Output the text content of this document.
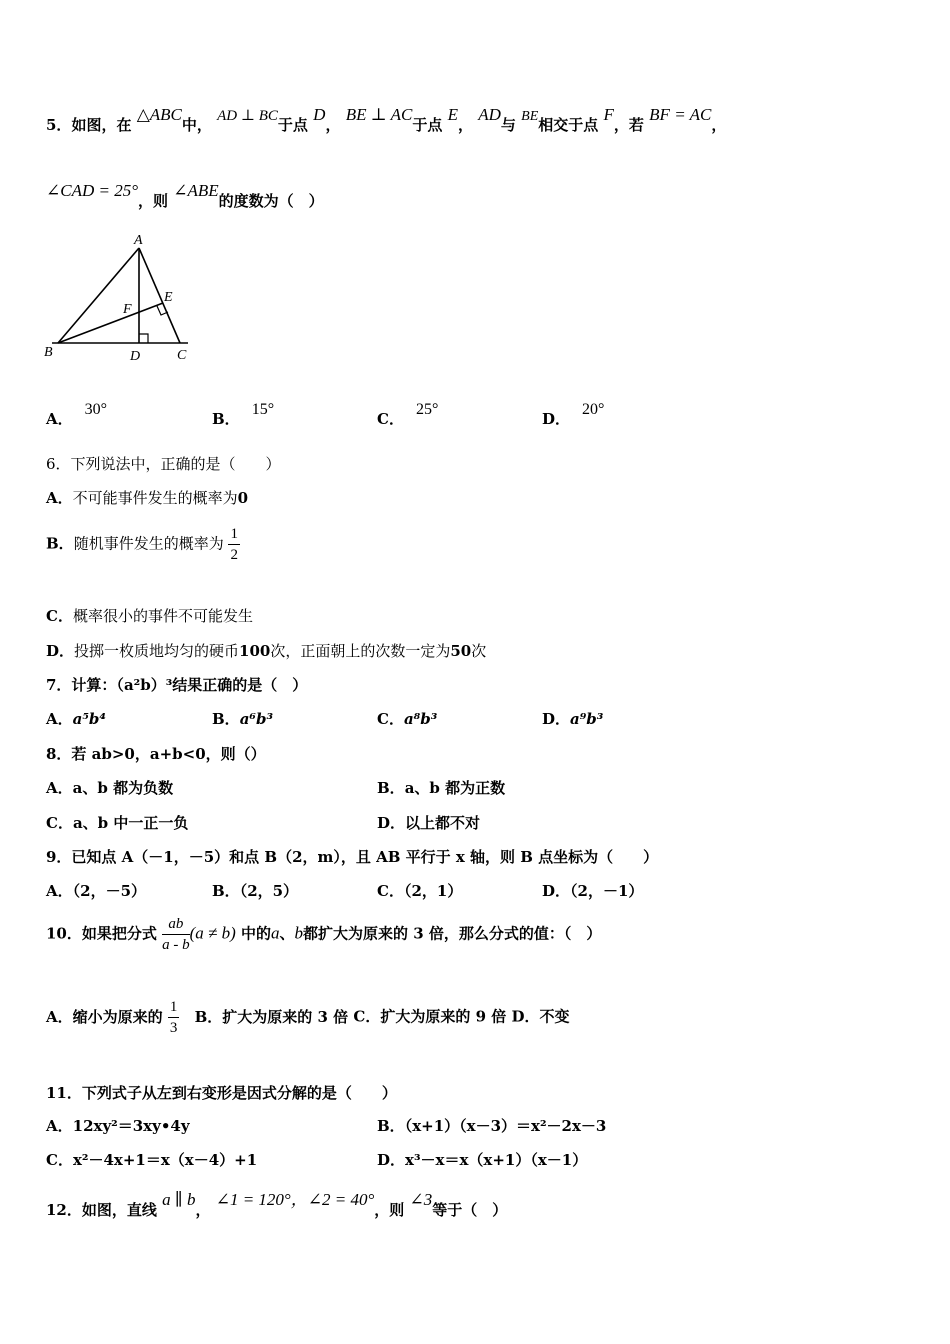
5．如图，在 △ABC中， AD ⊥ BC于点 D， BE ⊥ AC于点 E， AD与 BE相交于点 F，若 BF = AC，
∠CAD = 25°，则 ∠ABE的度数为（　）
A
B	C
D
E
F
A．30°
B．15°
C．25°
D．20°
6．下列说法中，正确的是（　　）
A．不可能事件发生的概率为0
B．随机事件发生的概率为 $\frac{1}{2}$
C．概率很小的事件不可能发生
D．投掷一枚质地均匀的硬币100次，正面朝上的次数一定为50次
7．计算：（a²b）³结果正确的是（　）
A．a⁵b⁴	B．a⁶b³	C．a⁸b³	D．a⁹b³
8．若 ab>0，a+b<0，则（）
A．a、b 都为负数	B．a、b 都为正数
C．a、b 中一正一负	D．以上都不对
9．已知点 A（－1，－5）和点 B（2，m），且 AB 平行于 x 轴，则 B 点坐标为（　　）
A．（2，－5）	B．（2，5）	C．（2，1）	D．（2，－1）
10．如果把分式 $\frac{ab}{a - b} (a \ne b)$ 中的a、b都扩大为原来的 3 倍，那么分式的值：（　）
A．缩小为原来的 $\frac{1}{3}$ B．扩大为原来的 3 倍 C．扩大为原来的 9 倍 D．不变
11．下列式子从左到右变形是因式分解的是（　　）
A．12xy²＝3xy•4y	B．（x+1）（x－3）＝x²－2x－3
C．x²－4x+1＝x（x－4）+1	D．x³－x＝x（x+1）（x－1）
12．如图，直线 a ∥ b， ∠1 = 120°，∠2 = 40°，则 ∠3等于（　）
